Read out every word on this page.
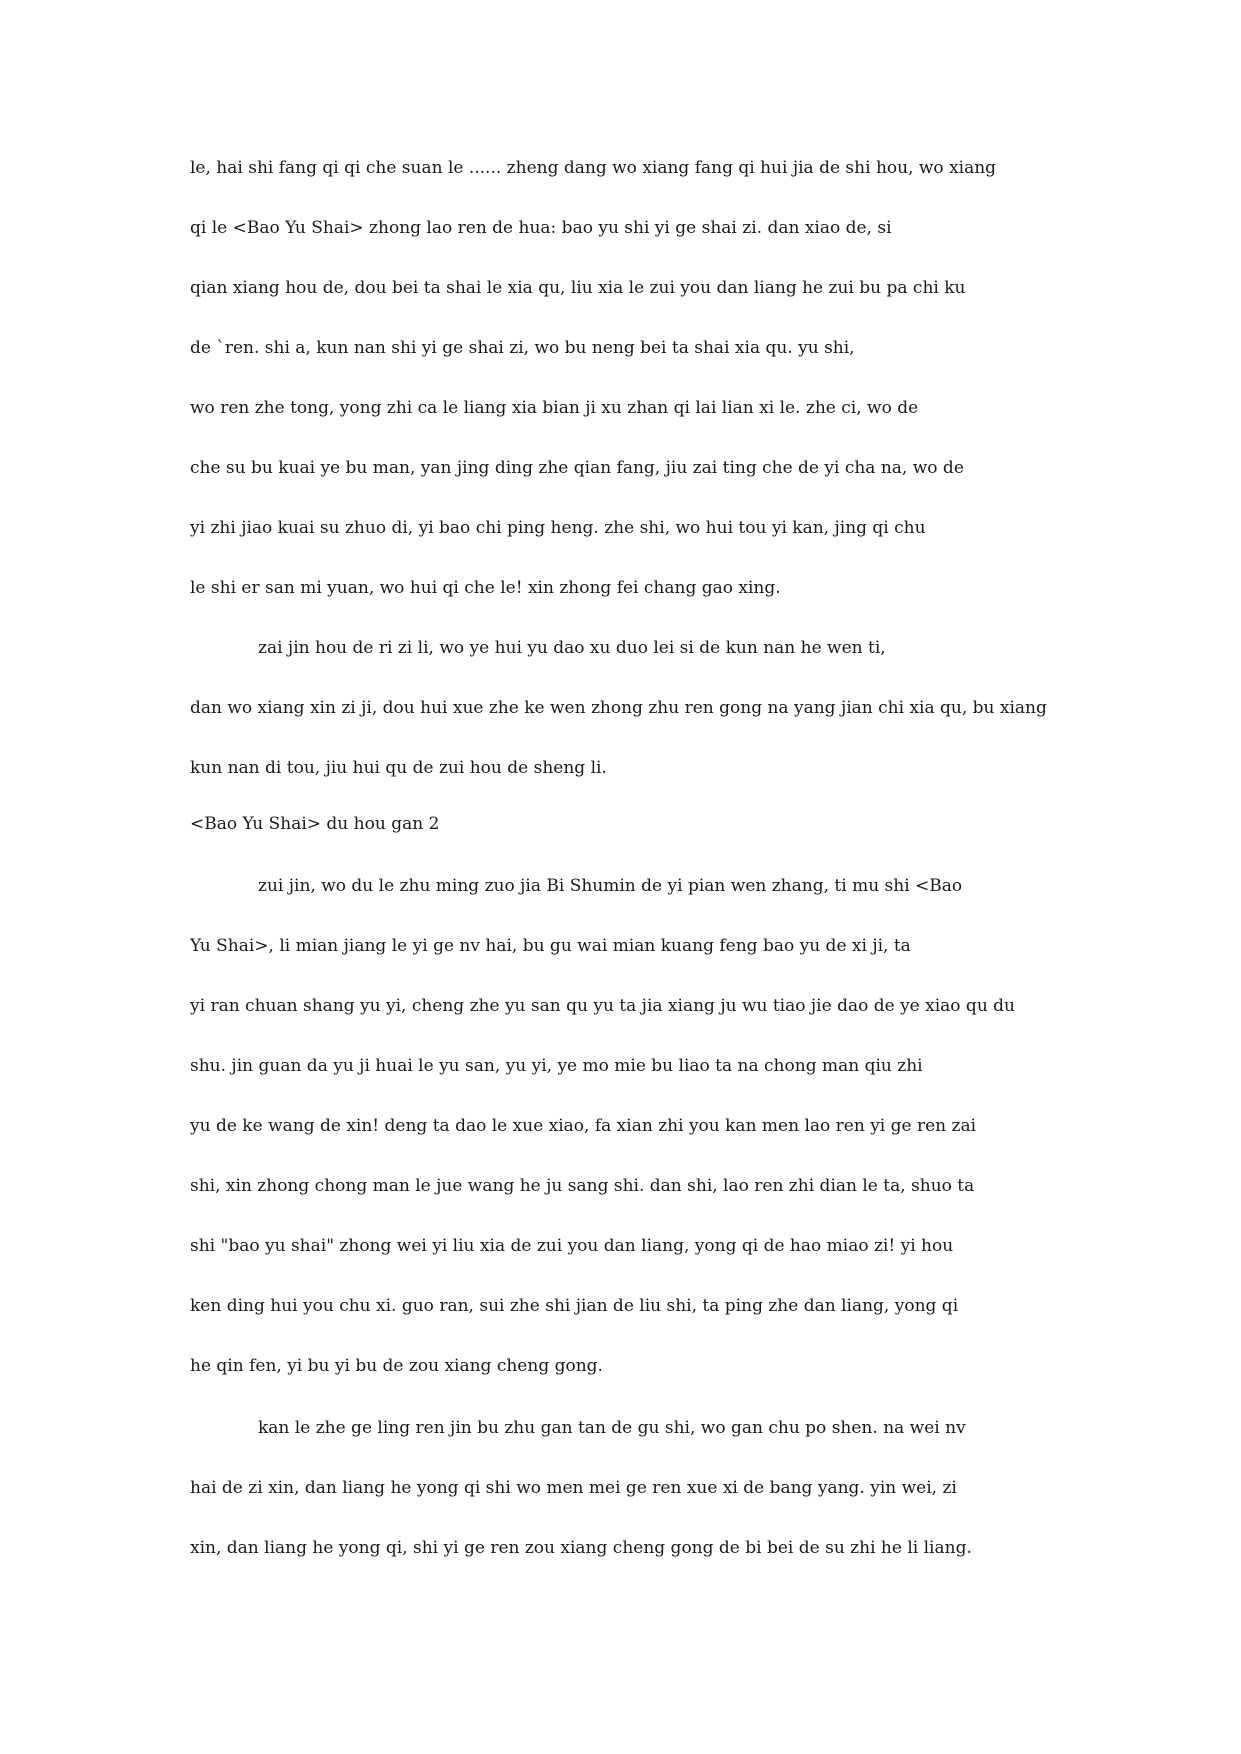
le, hai shi fang qi qi che suan le ...... zheng dang wo xiang fang qi hui jia de shi hou, wo xiang
qi le <Bao Yu Shai> zhong lao ren de hua: bao yu shi yi ge shai zi. dan xiao de, si
qian xiang hou de, dou bei ta shai le xia qu, liu xia le zui you dan liang he zui bu pa chi ku
de `ren. shi a, kun nan shi yi ge shai zi, wo bu neng bei ta shai xia qu. yu shi,
wo ren zhe tong, yong zhi ca le liang xia bian ji xu zhan qi lai lian xi le. zhe ci, wo de
che su bu kuai ye bu man, yan jing ding zhe qian fang, jiu zai ting che de yi cha na, wo de
yi zhi jiao kuai su zhuo di, yi bao chi ping heng. zhe shi, wo hui tou yi kan, jing qi chu
le shi er san mi yuan, wo hui qi che le! xin zhong fei chang gao xing.
zai jin hou de ri zi li, wo ye hui yu dao xu duo lei si de kun nan he wen ti,
dan wo xiang xin zi ji, dou hui xue zhe ke wen zhong zhu ren gong na yang jian chi xia qu, bu xiang
kun nan di tou, jiu hui qu de zui hou de sheng li.
<Bao Yu Shai> du hou gan 2
zui jin, wo du le zhu ming zuo jia Bi Shumin de yi pian wen zhang, ti mu shi <Bao
Yu Shai>, li mian jiang le yi ge nv hai, bu gu wai mian kuang feng bao yu de xi ji, ta
yi ran chuan shang yu yi, cheng zhe yu san qu yu ta jia xiang ju wu tiao jie dao de ye xiao qu du
shu. jin guan da yu ji huai le yu san, yu yi, ye mo mie bu liao ta na chong man qiu zhi
yu de ke wang de xin! deng ta dao le xue xiao, fa xian zhi you kan men lao ren yi ge ren zai
shi, xin zhong chong man le jue wang he ju sang shi. dan shi, lao ren zhi dian le ta, shuo ta
shi "bao yu shai" zhong wei yi liu xia de zui you dan liang, yong qi de hao miao zi! yi hou
ken ding hui you chu xi. guo ran, sui zhe shi jian de liu shi, ta ping zhe dan liang, yong qi
he qin fen, yi bu yi bu de zou xiang cheng gong.
kan le zhe ge ling ren jin bu zhu gan tan de gu shi, wo gan chu po shen. na wei nv
hai de zi xin, dan liang he yong qi shi wo men mei ge ren xue xi de bang yang. yin wei, zi
xin, dan liang he yong qi, shi yi ge ren zou xiang cheng gong de bi bei de su zhi he li liang.
